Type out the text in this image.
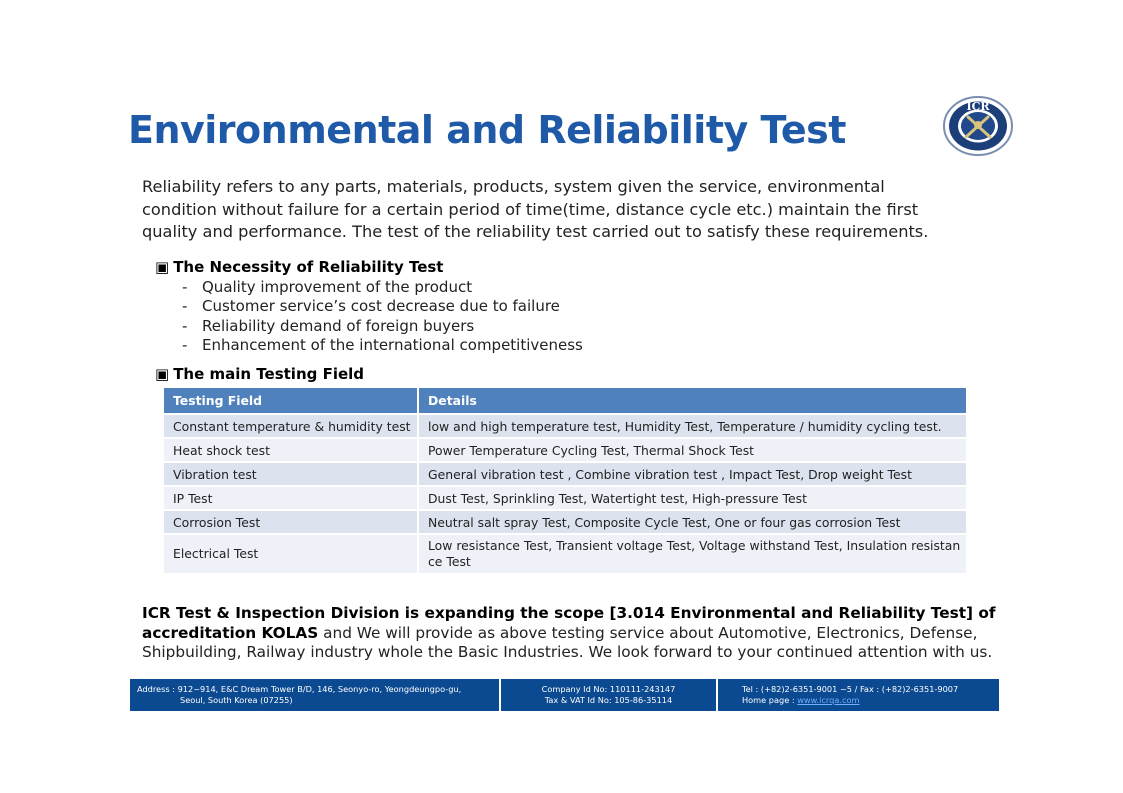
Environmental and Reliability Test
ICR
Reliability refers to any parts, materials, products, system given the service, environmental
condition without failure for a certain period of time(time, distance cycle etc.) maintain the first
quality and performance. The test of the reliability test carried out to satisfy these requirements.
▣ The Necessity of Reliability Test
- Quality improvement of the product
- Customer service’s cost decrease due to failure
- Reliability demand of foreign buyers
- Enhancement of the international competitiveness
▣ The main Testing Field
Testing Field	Details
Constant temperature & humidity test	low and high temperature test, Humidity Test, Temperature / humidity cycling test.
Heat shock test	Power Temperature Cycling Test, Thermal Shock Test
Vibration test	General vibration test , Combine vibration test , Impact Test, Drop weight Test
IP Test	Dust Test, Sprinkling Test, Watertight test, High-pressure Test
Corrosion Test	Neutral salt spray Test, Composite Cycle Test, One or four gas corrosion Test
Electrical Test	Low resistance Test, Transient voltage Test, Voltage withstand Test, Insulation resistan
ce Test
ICR Test & Inspection Division is expanding the scope [3.014 Environmental and Reliability Test] of
accreditation KOLAS and We will provide as above testing service about Automotive, Electronics, Defense,
Shipbuilding, Railway industry whole the Basic Industries. We look forward to your continued attention with us.
Address : 912~914, E&C Dream Tower B/D, 146, Seonyo-ro, Yeongdeungpo-gu,
Seoul, South Korea (07255)
Company Id No: 110111-243147
Tax & VAT Id No: 105-86-35114
Tel : (+82)2-6351-9001 ~5 / Fax : (+82)2-6351-9007
Home page : www.icrqa.com
